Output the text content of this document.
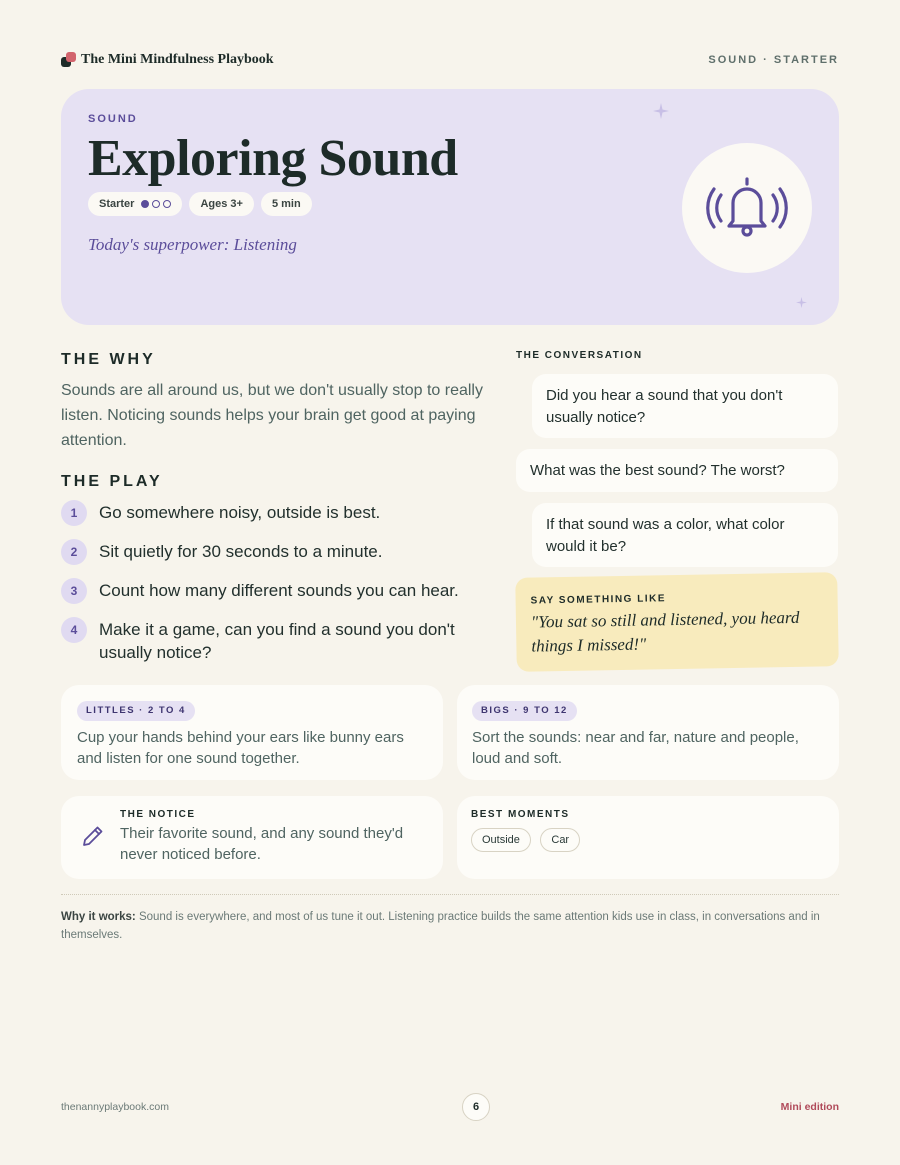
The Mini Mindfulness Playbook	SOUND · STARTER
SOUND
Exploring Sound
Starter	Ages 3+	5 min
Today's superpower: Listening
THE WHY
Sounds are all around us, but we don't usually stop to really listen. Noticing sounds helps your brain get good at paying attention.
THE PLAY
1	Go somewhere noisy, outside is best.
2	Sit quietly for 30 seconds to a minute.
3	Count how many different sounds you can hear.
4	Make it a game, can you find a sound you don't usually notice?
THE CONVERSATION
Did you hear a sound that you don't usually notice?
What was the best sound? The worst?
If that sound was a color, what color would it be?
SAY SOMETHING LIKE
"You sat so still and listened, you heard things I missed!"
LITTLES · 2 TO 4
Cup your hands behind your ears like bunny ears and listen for one sound together.
BIGS · 9 TO 12
Sort the sounds: near and far, nature and people, loud and soft.
THE NOTICE
Their favorite sound, and any sound they'd never noticed before.
BEST MOMENTS
Outside	Car
Why it works: Sound is everywhere, and most of us tune it out. Listening practice builds the same attention kids use in class, in conversations and in themselves.
thenannyplaybook.com	6	Mini edition
